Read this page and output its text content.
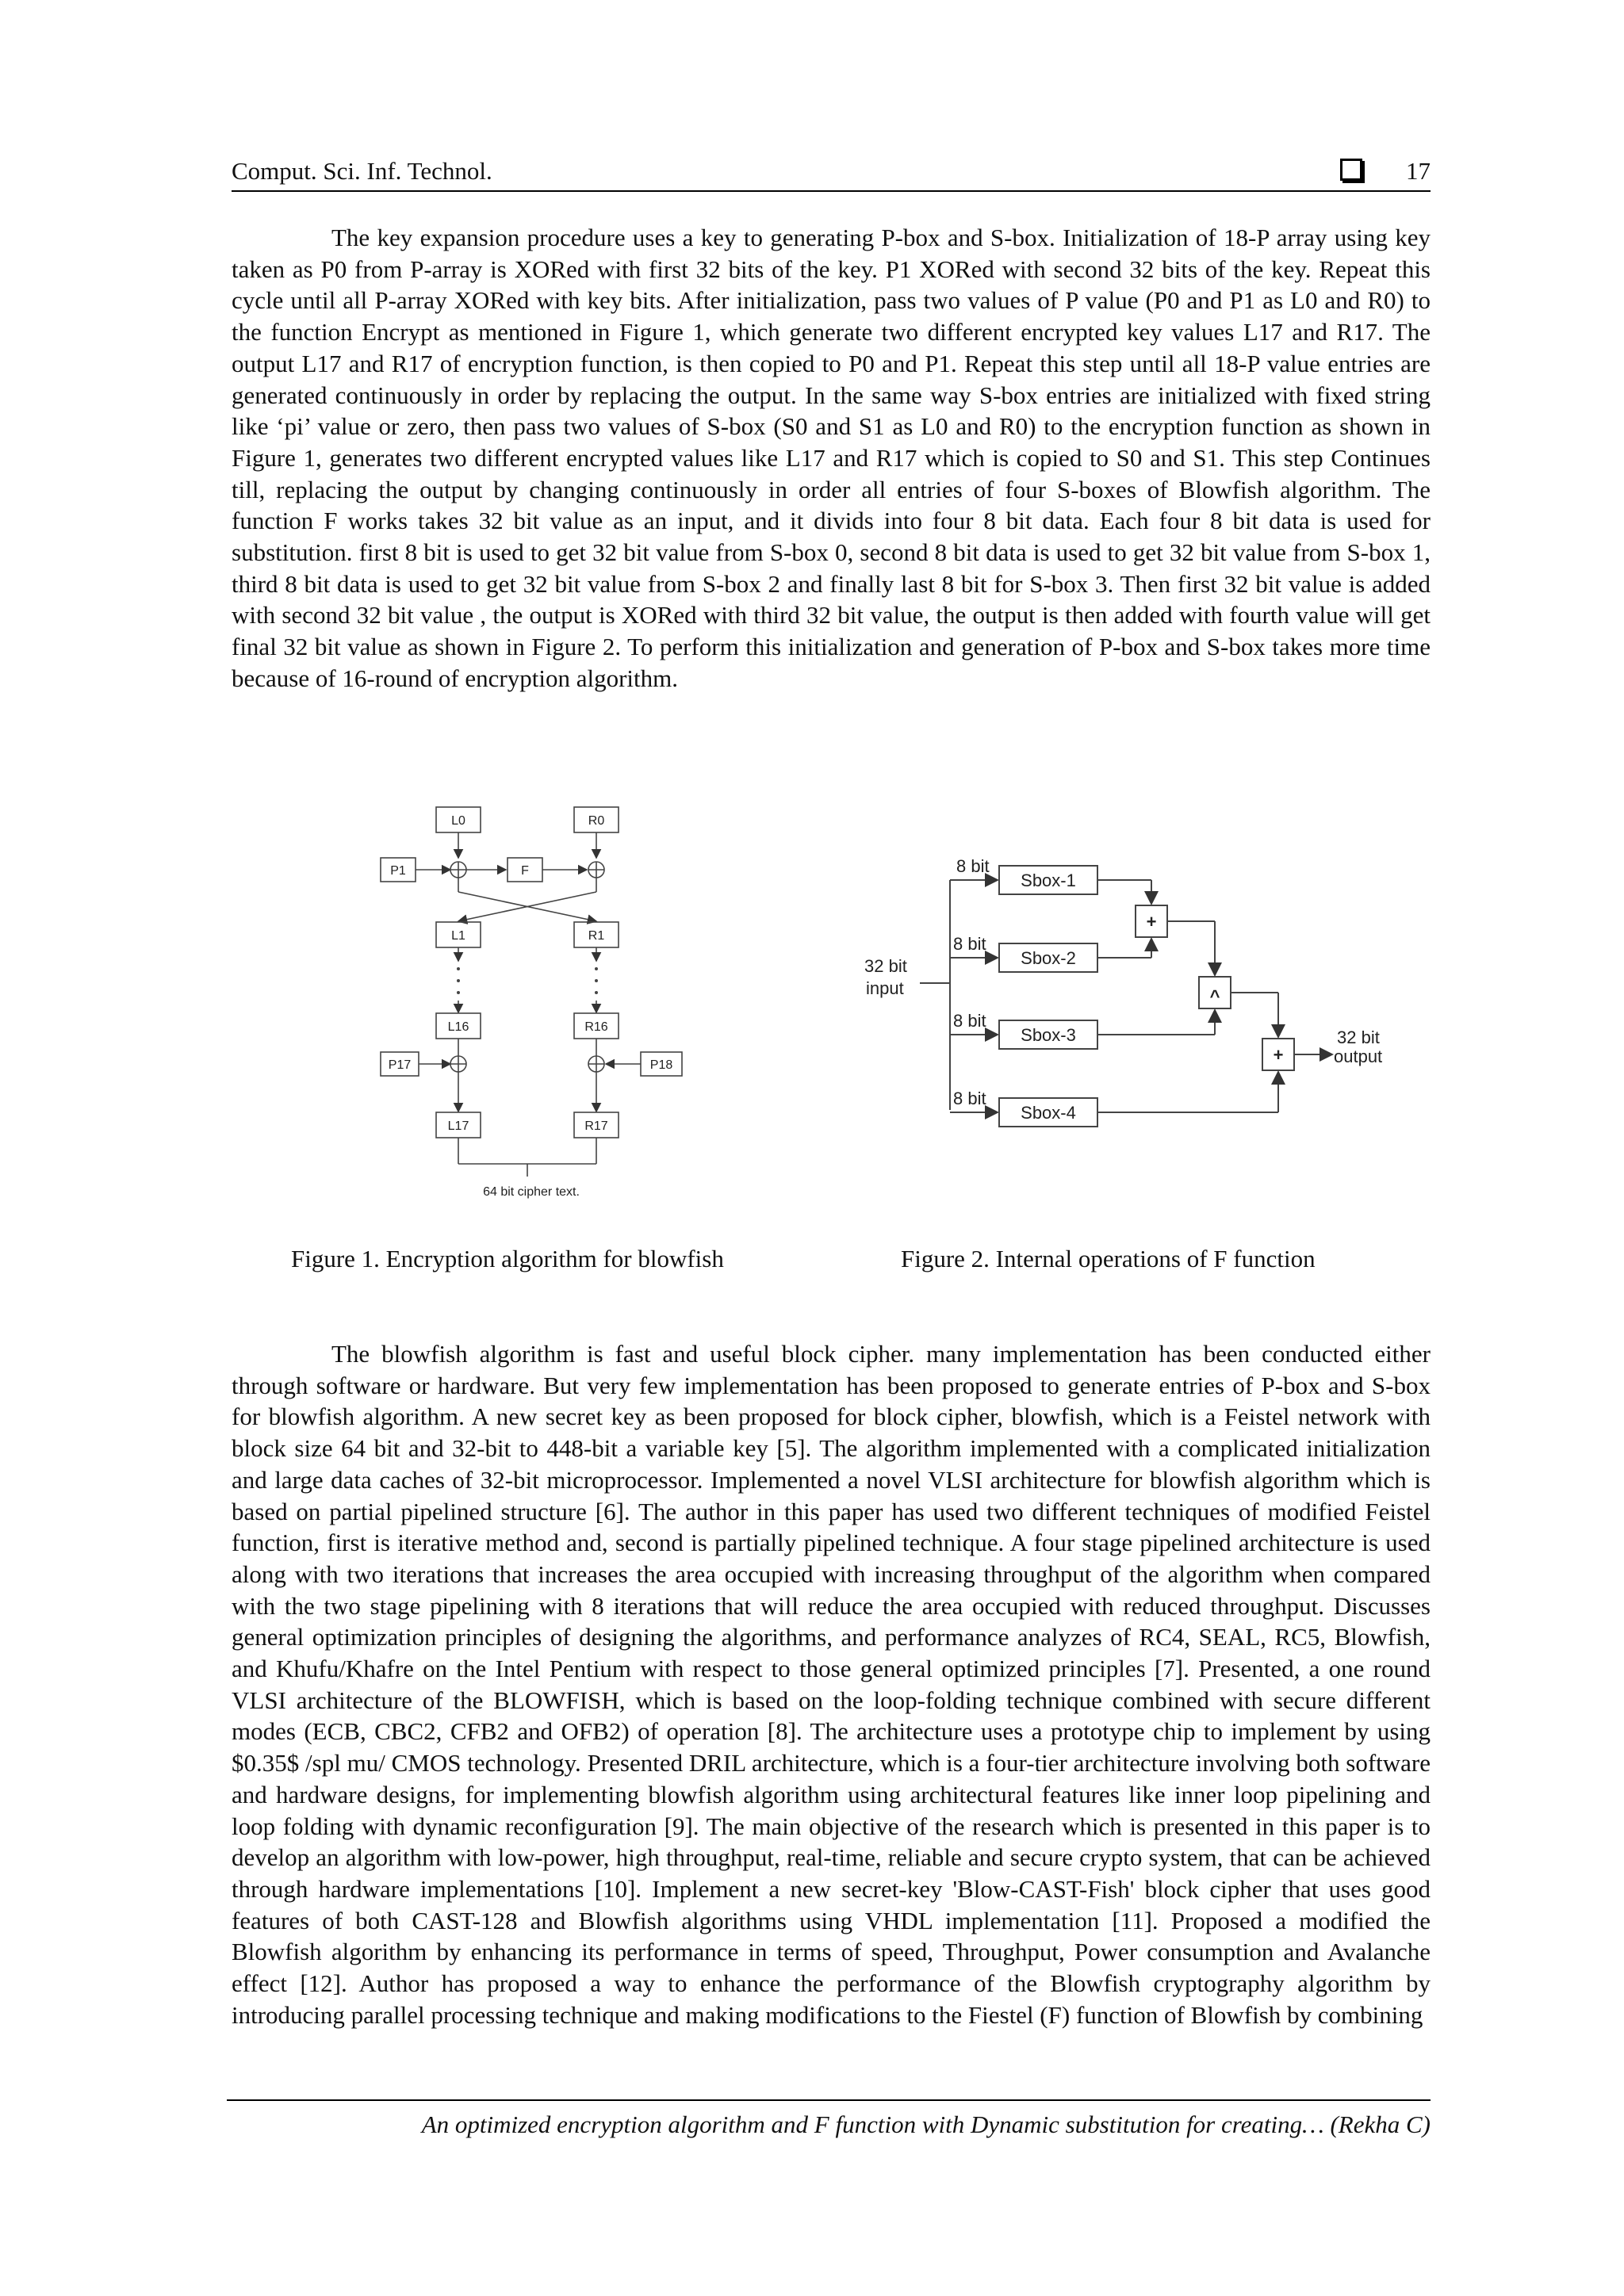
Comput. Sci. Inf. Technol.	17

The key expansion procedure uses a key to generating P-box and S-box. Initialization of 18-P array using key taken as P0 from P-array is XORed with first 32 bits of the key. P1 XORed with second 32 bits of the key. Repeat this cycle until all P-array XORed with key bits. After initialization, pass two values of P value (P0 and P1 as L0 and R0) to the function Encrypt as mentioned in Figure 1, which generate two different encrypted key values L17 and R17. The output L17 and R17 of encryption function, is then copied to P0 and P1. Repeat this step until all 18-P value entries are generated continuously in order by replacing the output. In the same way S-box entries are initialized with fixed string like ‘pi’ value or zero, then pass two values of S-box (S0 and S1 as L0 and R0) to the encryption function as shown in Figure 1, generates two different encrypted values like L17 and R17 which is copied to S0 and S1. This step Continues till, replacing the output by changing continuously in order all entries of four S-boxes of Blowfish algorithm. The function F works takes 32 bit value as an input, and it divids into four 8 bit data. Each four 8 bit data is used for substitution. first 8 bit is used to get 32 bit value from S-box 0, second 8 bit data is used to get 32 bit value from S-box 1, third 8 bit data is used to get 32 bit value from S-box 2 and finally last 8 bit for S-box 3. Then first 32 bit value is added with second 32 bit value , the output is XORed with third 32 bit value, the output is then added with fourth value will get final 32 bit value as shown in Figure 2. To perform this initialization and generation of P-box and S-box takes more time because of 16-round of encryption algorithm.

L0	R0
P1	F
L1	R1
L16	R16
P17	P18
L17	R17
64 bit cipher text.
Sbox-1
Sbox-2
Sbox-3
Sbox-4
8 bit
8 bit
8 bit
8 bit
32 bit
input
32 bit
output
+
^
+
Figure 1. Encryption algorithm for blowfish	Figure 2. Internal operations of F function

The blowfish algorithm is fast and useful block cipher. many implementation has been conducted either through software or hardware. But very few implementation has been proposed to generate entries of P-box and S-box for blowfish algorithm. A new secret key as been proposed for block cipher, blowfish, which is a Feistel network with block size 64 bit and 32-bit to 448-bit a variable key [5]. The algorithm implemented with a complicated initialization and large data caches of 32-bit microprocessor. Implemented a novel VLSI architecture for blowfish algorithm which is based on partial pipelined structure [6]. The author in this paper has used two different techniques of modified Feistel function, first is iterative method and, second is partially pipelined technique. A four stage pipelined architecture is used along with two iterations that increases the area occupied with increasing throughput of the algorithm when compared with the two stage pipelining with 8 iterations that will reduce the area occupied with reduced throughput. Discusses general optimization principles of designing the algorithms, and performance analyzes of RC4, SEAL, RC5, Blowfish, and Khufu/Khafre on the Intel Pentium with respect to those general optimized principles [7]. Presented, a one round VLSI architecture of the BLOWFISH, which is based on the loop-folding technique combined with secure different modes (ECB, CBC2, CFB2 and OFB2) of operation [8]. The architecture uses a prototype chip to implement by using $0.35$ /spl mu/ CMOS technology. Presented DRIL architecture, which is a four-tier architecture involving both software and hardware designs, for implementing blowfish algorithm using architectural features like inner loop pipelining and loop folding with dynamic reconfiguration [9]. The main objective of the research which is presented in this paper is to develop an algorithm with low-power, high throughput, real-time, reliable and secure crypto system, that can be achieved through hardware implementations [10]. Implement a new secret-key 'Blow-CAST-Fish' block cipher that uses good features of both CAST-128 and Blowfish algorithms using VHDL implementation [11]. Proposed a modified the Blowfish algorithm by enhancing its performance in terms of speed, Throughput, Power consumption and Avalanche effect [12]. Author has proposed a way to enhance the performance of the Blowfish cryptography algorithm by introducing parallel processing technique and making modifications to the Fiestel (F) function of Blowfish by combining

An optimized encryption algorithm and F function with Dynamic substitution for creating… (Rekha C)
